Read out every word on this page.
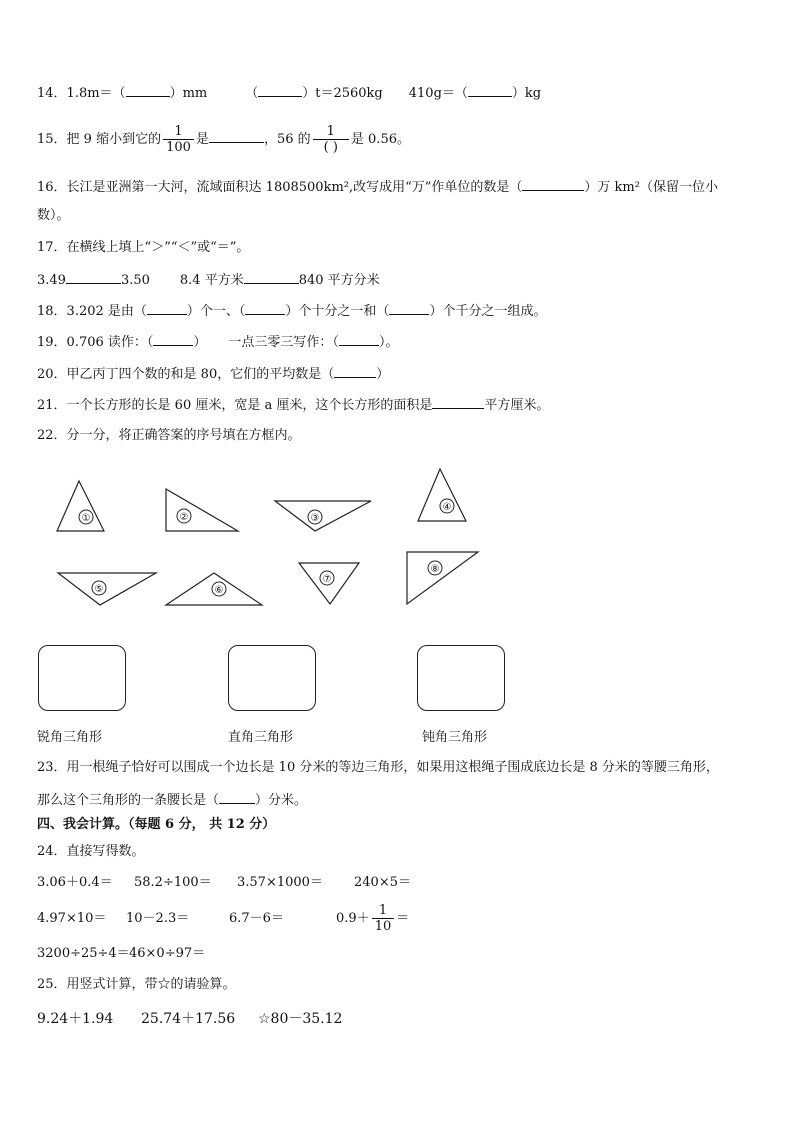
14．1.8m＝（	）mm	（	）t＝2560kg 410g＝（	）kg
15．把 9 缩小到它的 $\frac{1}{100}$ 是	，56 的 $\frac{1}{( )}$ 是 0.56。
16．长江是亚洲第一大河，流域面积达 1808500km²,改写成用“万”作单位的数是（	）万 km²（保留一位小
数）。
17．在横线上填上“＞”“＜”或“＝”。
3.49	3.50 8.4 平方米	840 平方分米
18．3.202 是由（	）个一、（	）个十分之一和（	）个千分之一组成。
19．0.706 读作：（	） 一点三零三写作：（	）。
20．甲乙丙丁四个数的和是 80，它们的平均数是（	）
21．一个长方形的长是 60 厘米，宽是 a 厘米，这个长方形的面积是	平方厘米。
22．分一分，将正确答案的序号填在方框内。
①	②	③
④
⑤	⑥
⑦
⑧
锐角三角形	直角三角形	钝角三角形
23．用一根绳子恰好可以围成一个边长是 10 分米的等边三角形，如果用这根绳子围成底边长是 8 分米的等腰三角形，
那么这个三角形的一条腰长是（	）分米。
四、我会计算。（每题 6 分， 共 12 分）
24．直接写得数。
3.06＋0.4＝ 58.2÷100＝ 3.57×1000＝ 240×5＝
4.97×10＝ 10－2.3＝	6.7－6＝	$0.9+ \frac{1}{10}$ ＝
3200÷25÷4＝46×0÷97＝
25．用竖式计算，带☆的请验算。
9.24＋1.94 25.74＋17.56 ☆80－35.12
